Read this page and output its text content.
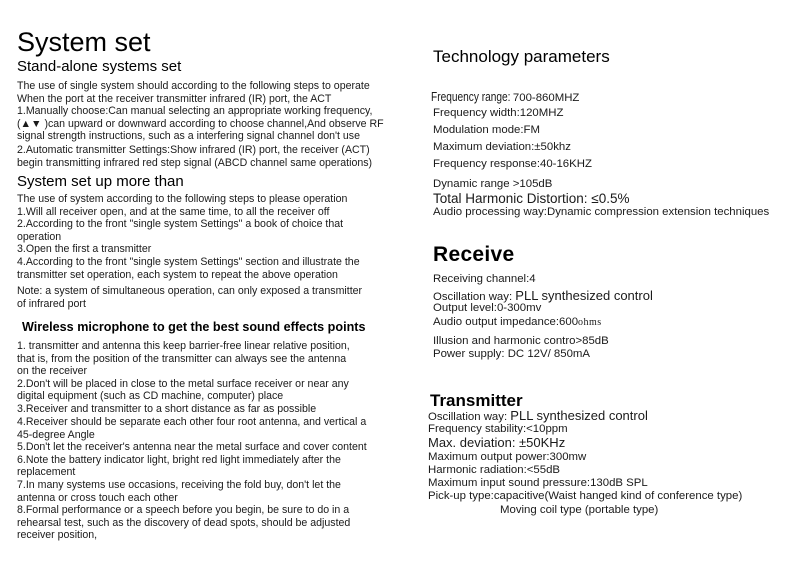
System set
Stand-alone systems set
The use of single system should according to the following steps to operate
When the port at the receiver transmitter infrared (IR) port, the ACT
1.Manually choose:Can manual selecting an appropriate working frequency,
(▲▼ )can upward or downward according to choose channel,And observe RF
signal strength instructions, such as a interfering signal channel don't use
2.Automatic transmitter Settings:Show infrared (IR) port, the receiver (ACT)
begin transmitting infrared red step signal (ABCD channel same operations)
System set up more than
The use of system according to the following steps to please operation
1.Will all receiver open, and at the same time, to all the receiver off
2.According to the front "single system Settings" a book of choice that
operation
3.Open the first a transmitter
4.According to the front "single system Settings" section and illustrate the
transmitter set operation, each system to repeat the above operation
Note: a system of simultaneous operation, can only exposed a transmitter
of infrared port
Wireless microphone to get the best sound effects points
1. transmitter and antenna this keep barrier-free linear relative position,
that is, from the position of the transmitter can always see the antenna
on the receiver
2.Don't will be placed in close to the metal surface receiver or near any
digital equipment (such as CD machine, computer) place
3.Receiver and transmitter to a short distance as far as possible
4.Receiver should be separate each other four root antenna, and vertical a
45-degree Angle
5.Don't let the receiver's antenna near the metal surface and cover content
6.Note the battery indicator light, bright red light immediately after the
replacement
7.In many systems use occasions, receiving the fold buy, don't let the
antenna or cross touch each other
8.Formal performance or a speech before you begin, be sure to do in a
rehearsal test, such as the discovery of dead spots, should be adjusted
receiver position,
Technology parameters
Frequency range: 700-860MHZ
Frequency width:120MHZ
Modulation mode:FM
Maximum deviation:±50khz
Frequency response:40-16KHZ
Dynamic range >105dB
Total Harmonic Distortion: ≤0.5%
Audio processing way:Dynamic compression extension techniques
Receive
Receiving channel:4
Oscillation way: PLL synthesized control
Output level:0-300mv
Audio output impedance:600ohms
Illusion and harmonic contro>85dB
Power supply: DC 12V/ 850mA
Transmitter
Oscillation way: PLL synthesized control
Frequency stability:<10ppm
Max. deviation: ±50KHz
Maximum output power:300mw
Harmonic radiation:<55dB
Maximum input sound pressure:130dB SPL
Pick-up type:capacitive(Waist hanged kind of conference type)
Moving coil type (portable type)
